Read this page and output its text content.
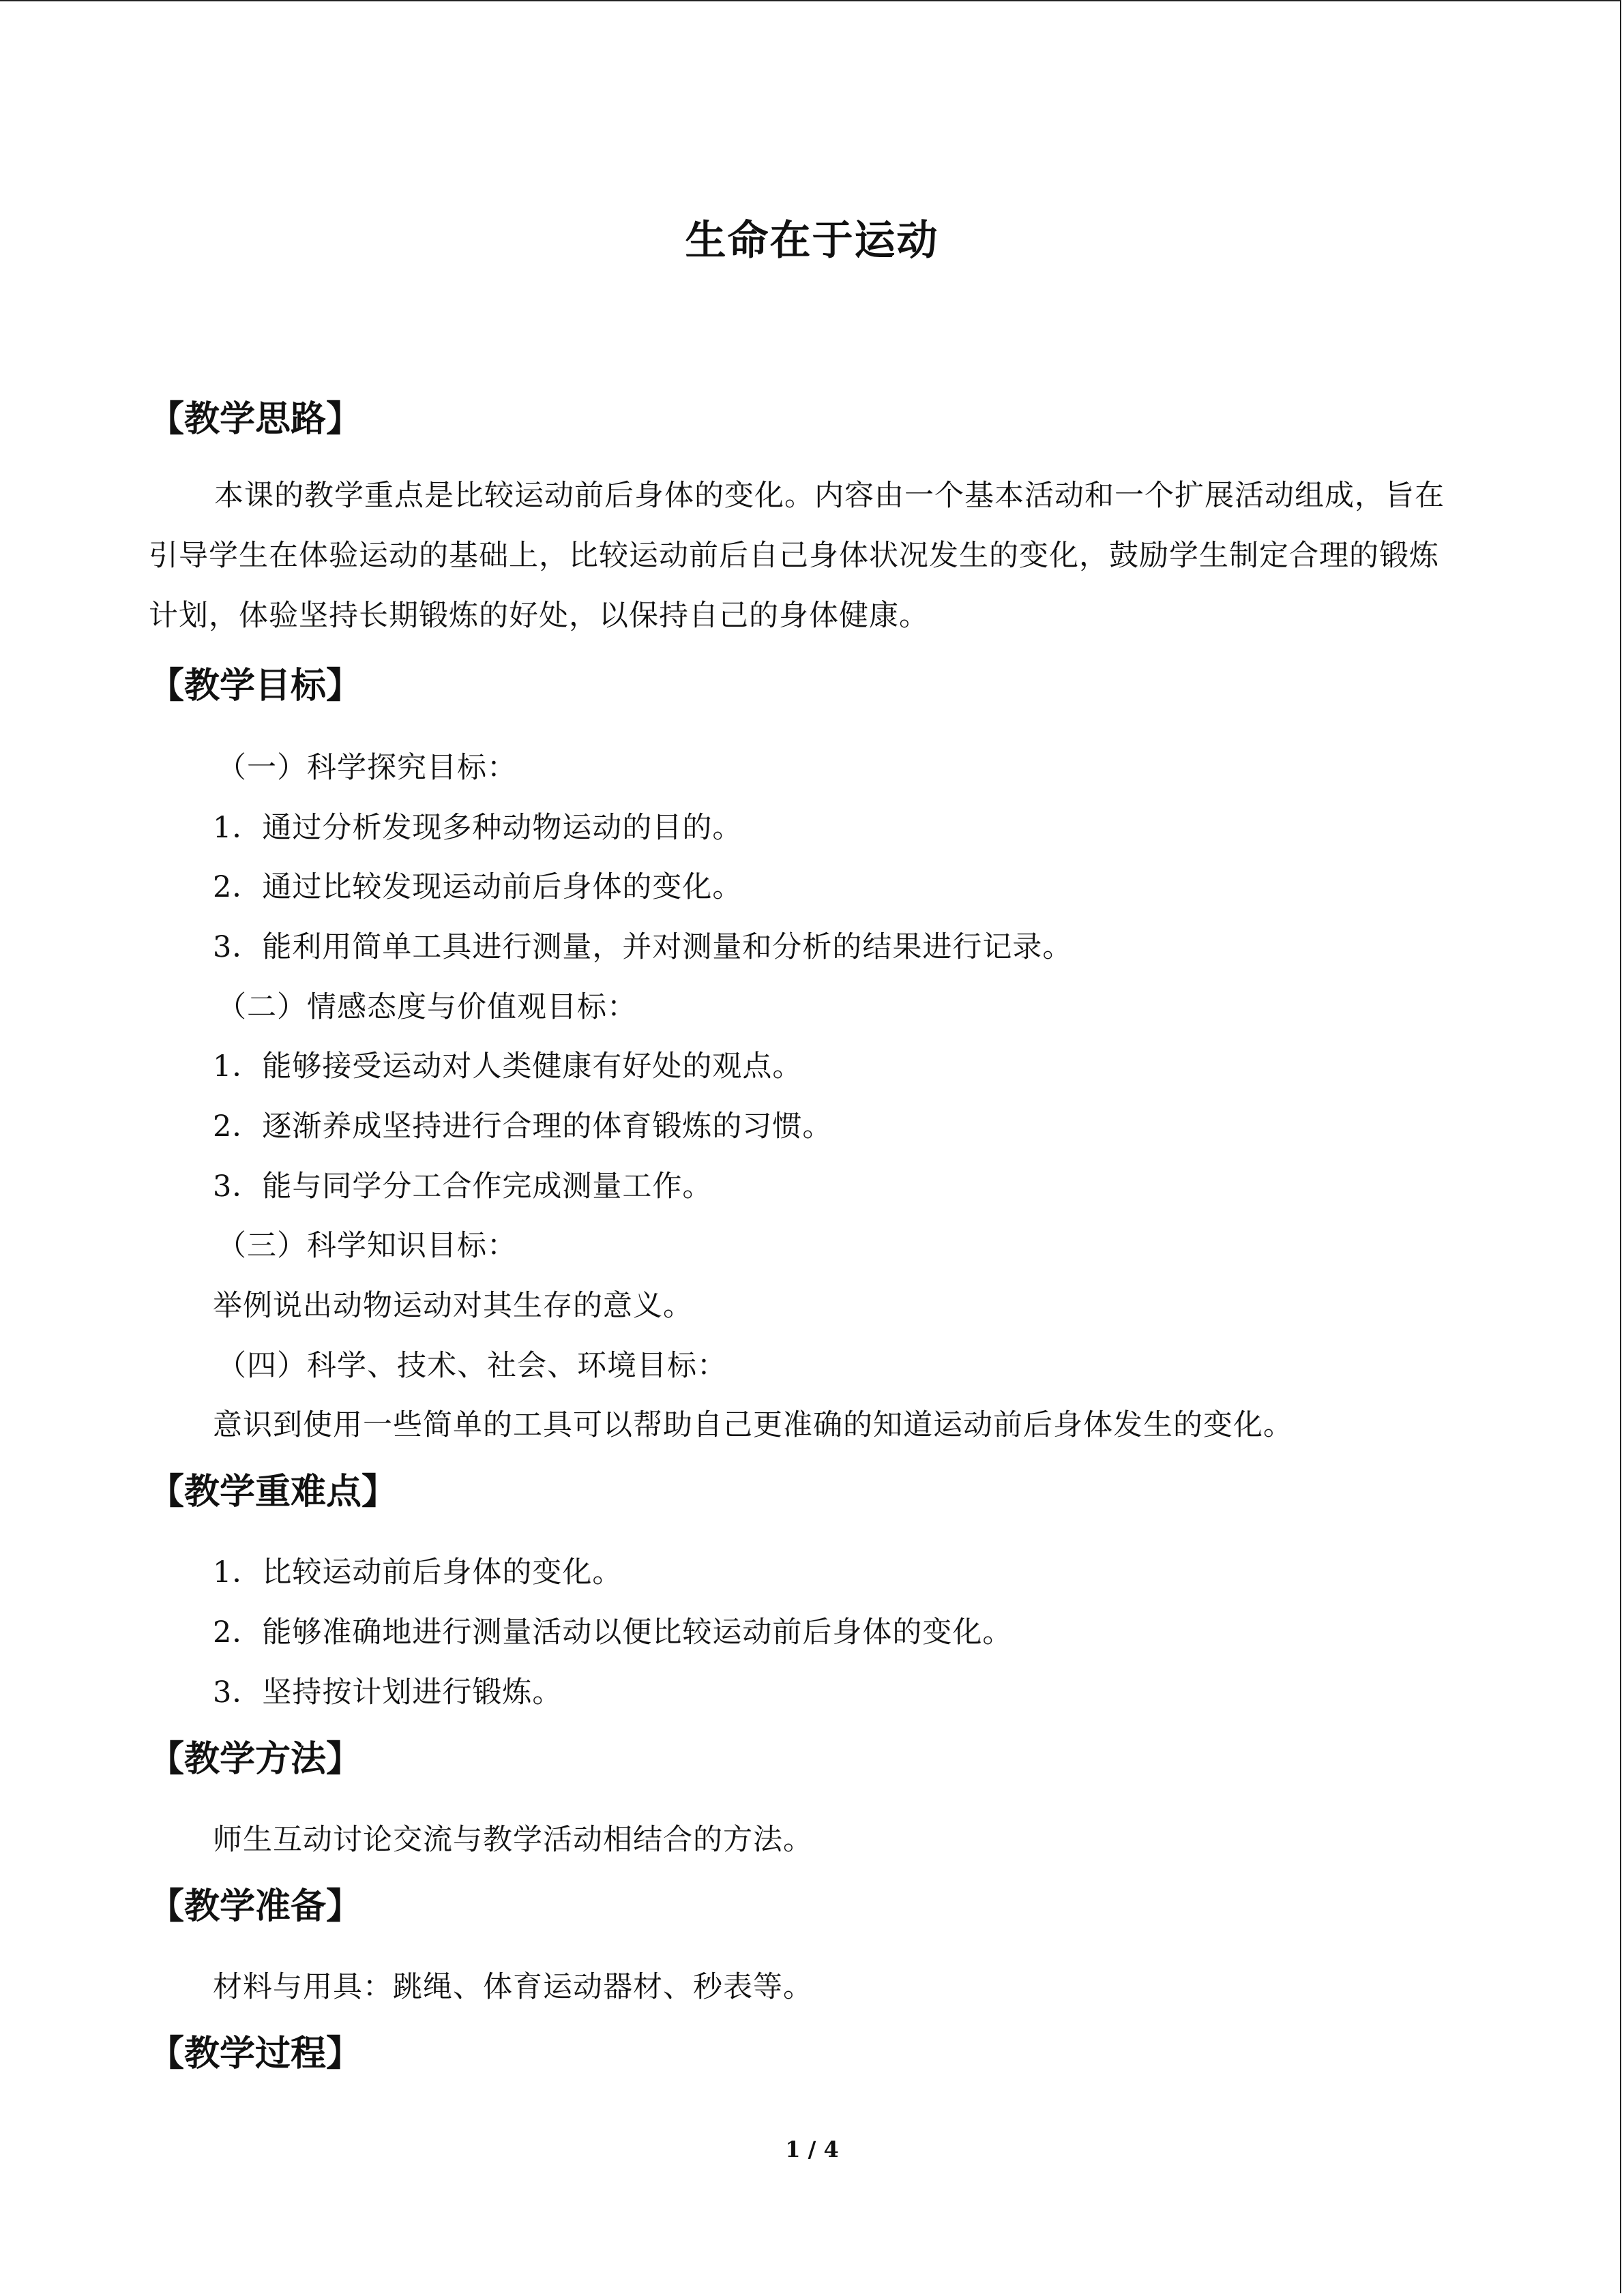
生命在于运动
【教学思路】
本课的教学重点是比较运动前后身体的变化。内容由一个基本活动和一个扩展活动组成，旨在引导学生在体验运动的基础上，比较运动前后自己身体状况发生的变化，鼓励学生制定合理的锻炼计划，体验坚持长期锻炼的好处，以保持自己的身体健康。
【教学目标】
（一）科学探究目标：
1．通过分析发现多种动物运动的目的。
2．通过比较发现运动前后身体的变化。
3．能利用简单工具进行测量，并对测量和分析的结果进行记录。
（二）情感态度与价值观目标：
1．能够接受运动对人类健康有好处的观点。
2．逐渐养成坚持进行合理的体育锻炼的习惯。
3．能与同学分工合作完成测量工作。
（三）科学知识目标：
举例说出动物运动对其生存的意义。
（四）科学、技术、社会、环境目标：
意识到使用一些简单的工具可以帮助自己更准确的知道运动前后身体发生的变化。
【教学重难点】
1．比较运动前后身体的变化。
2．能够准确地进行测量活动以便比较运动前后身体的变化。
3．坚持按计划进行锻炼。
【教学方法】
师生互动讨论交流与教学活动相结合的方法。
【教学准备】
材料与用具：跳绳、体育运动器材、秒表等。
【教学过程】
1 / 4
